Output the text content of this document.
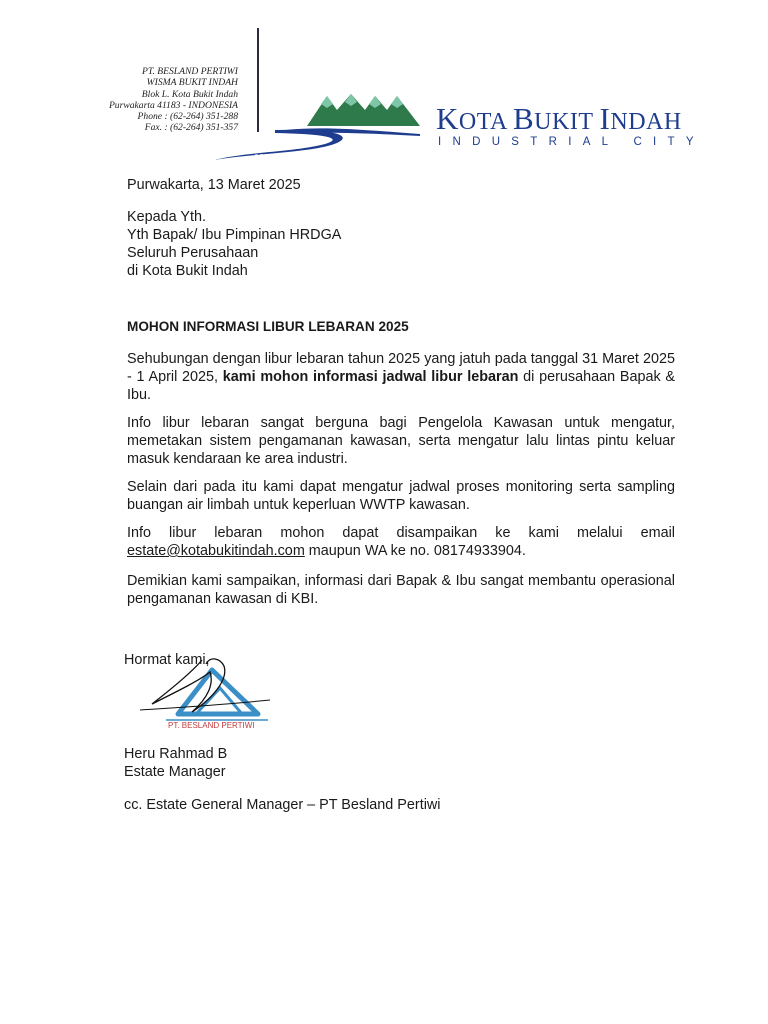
PT. BESLAND PERTIWI
WISMA BUKIT INDAH
Blok L. Kota Bukit Indah
Purwakarta 41183 - INDONESIA
Phone : (62-264) 351-288
Fax. : (62-264) 351-357	KOTA BUKIT INDAH
INDUSTRIAL CITY
Purwakarta, 13 Maret 2025
Kepada Yth.
Yth Bapak/ Ibu Pimpinan HRDGA
Seluruh Perusahaan
di Kota Bukit Indah
MOHON INFORMASI LIBUR LEBARAN 2025
Sehubungan dengan libur lebaran tahun 2025 yang jatuh pada tanggal 31 Maret 2025 - 1 April 2025, kami mohon informasi jadwal libur lebaran di perusahaan Bapak & Ibu.
Info libur lebaran sangat berguna bagi Pengelola Kawasan untuk mengatur, memetakan sistem pengamanan kawasan, serta mengatur lalu lintas pintu keluar masuk kendaraan ke area industri.
Selain dari pada itu kami dapat mengatur jadwal proses monitoring serta sampling buangan air limbah untuk keperluan WWTP kawasan.
Info libur lebaran mohon dapat disampaikan ke kami melalui email estate@kotabukitindah.com maupun WA ke no. 08174933904.
Demikian kami sampaikan, informasi dari Bapak & Ibu sangat membantu operasional pengamanan kawasan di KBI.
Hormat kami,
PT. BESLAND PERTIWI
Heru Rahmad B
Estate Manager
cc. Estate General Manager – PT Besland Pertiwi
